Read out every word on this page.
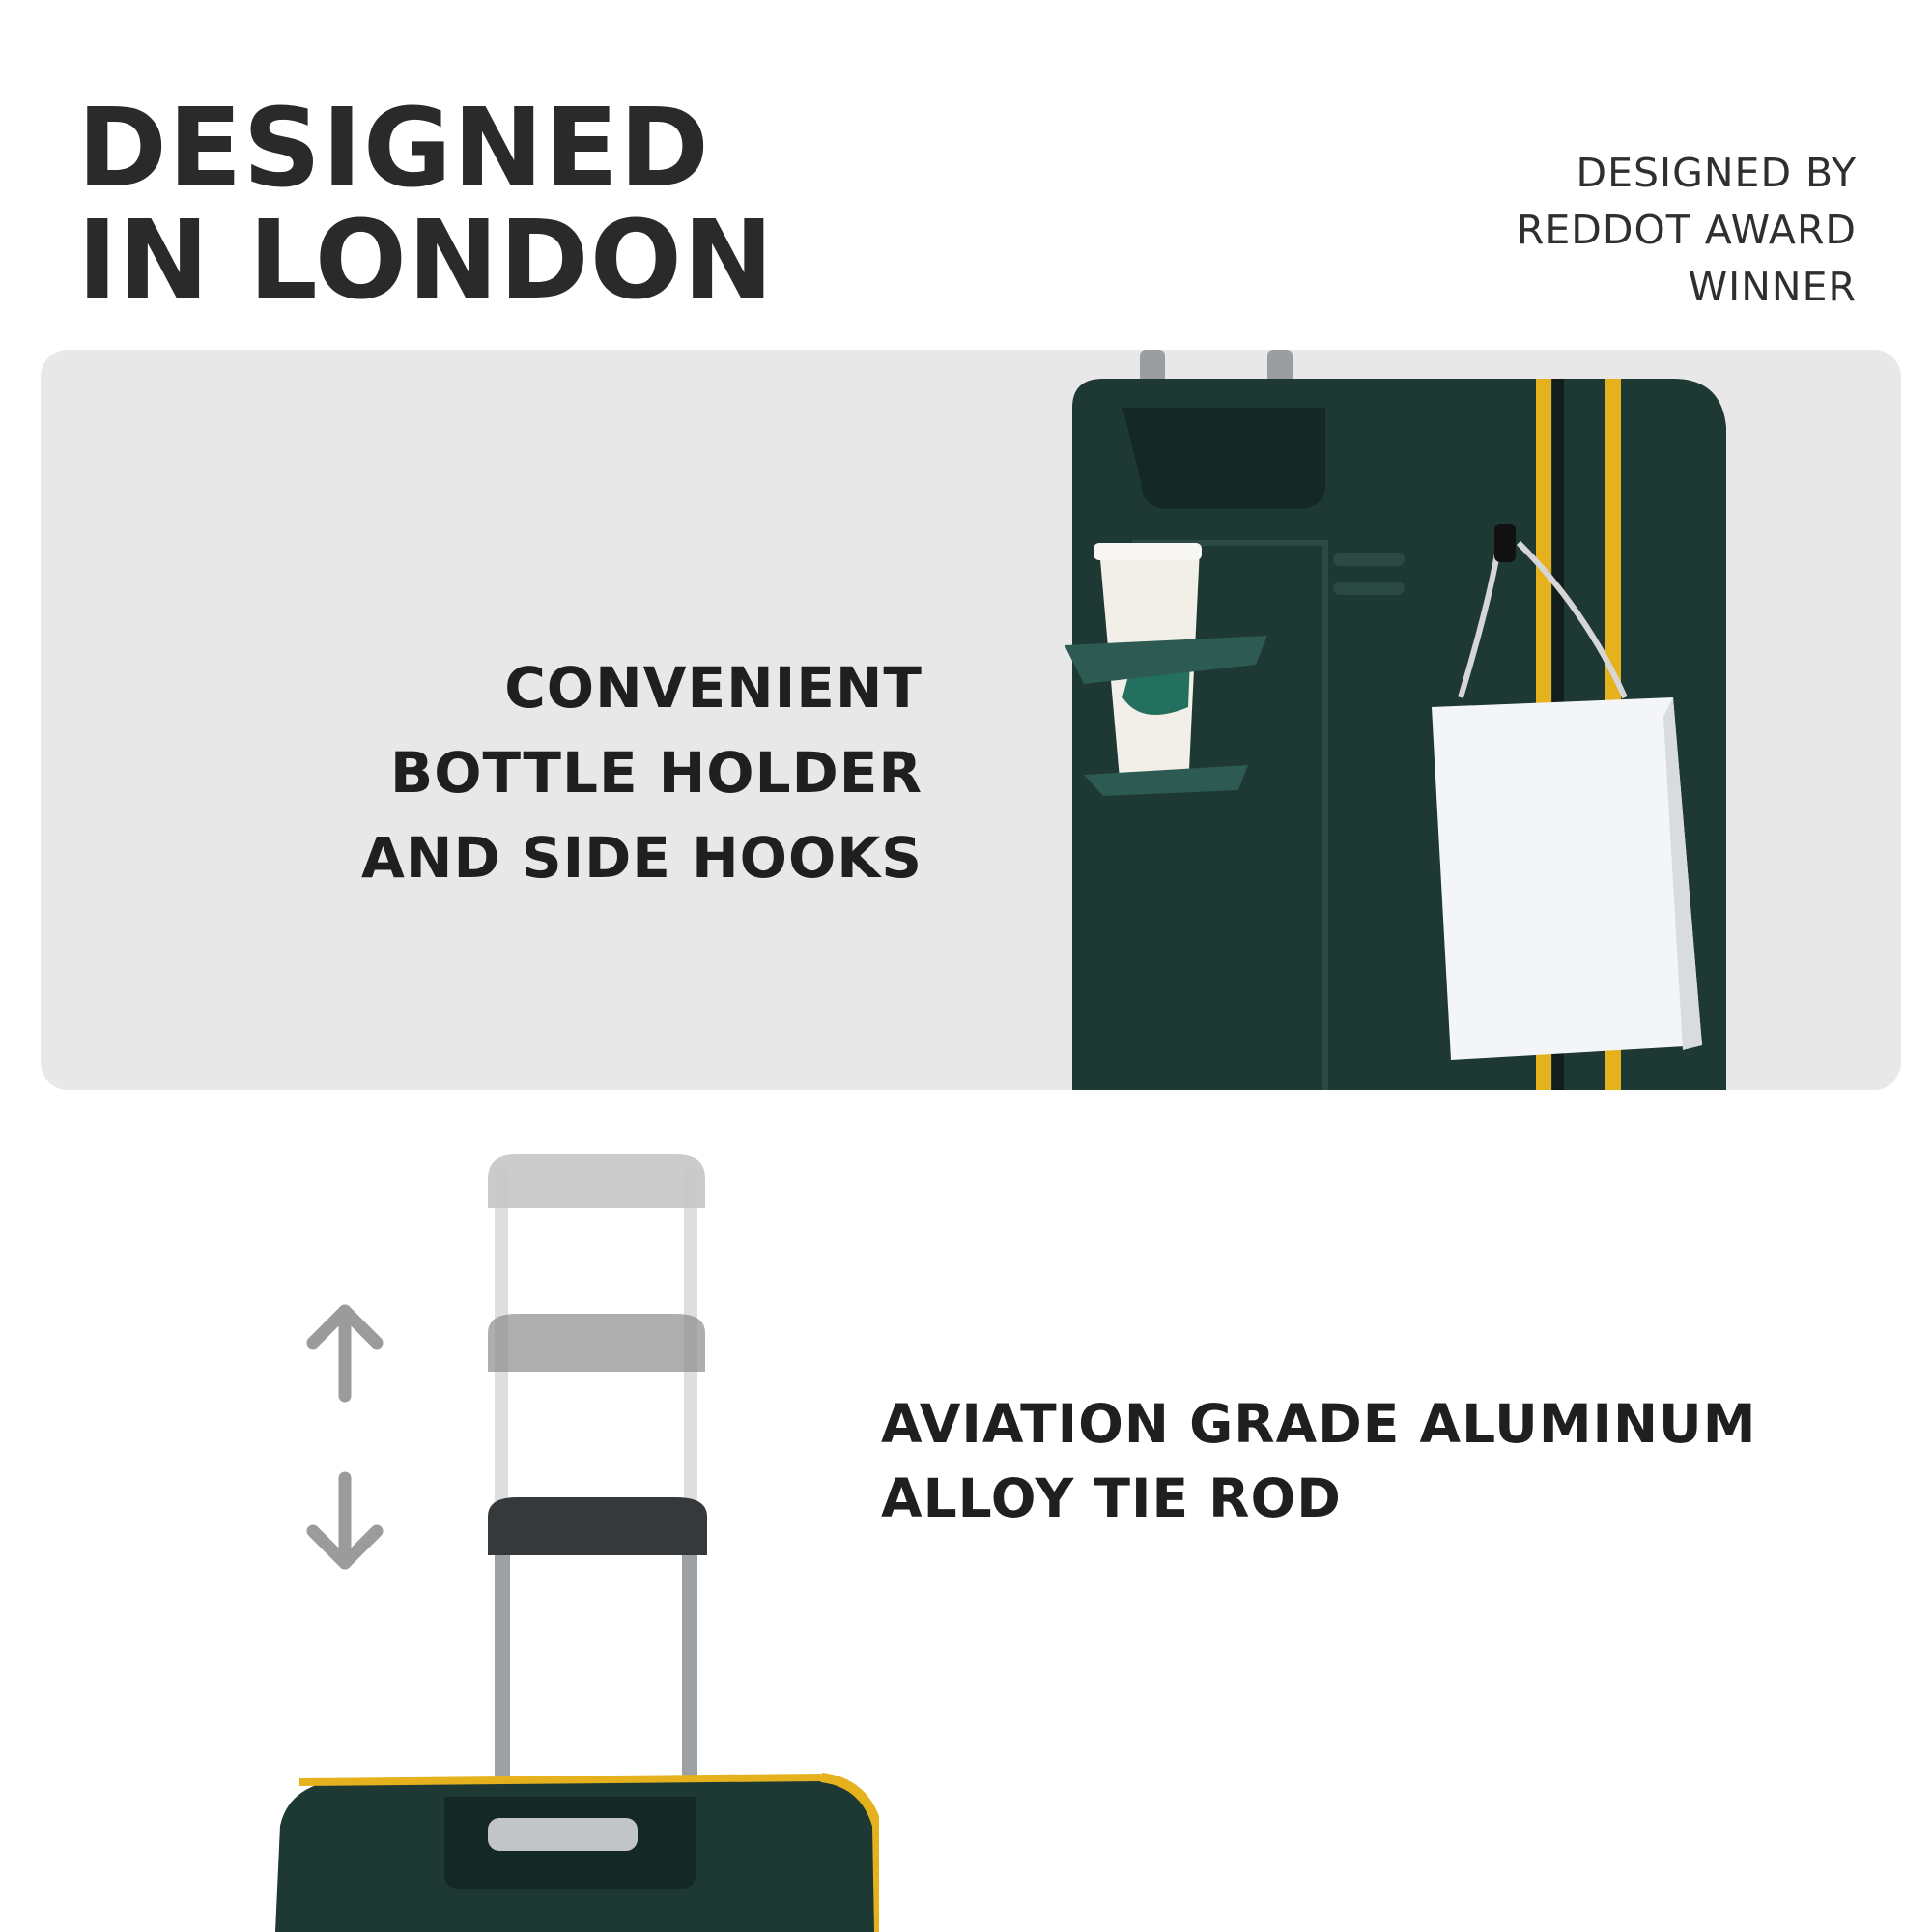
DESIGNED
IN LONDON
DESIGNED BY
REDDOT AWARD
WINNER
CONVENIENT
BOTTLE HOLDER
AND SIDE HOOKS
AVIATION GRADE ALUMINUM
ALLOY TIE ROD
